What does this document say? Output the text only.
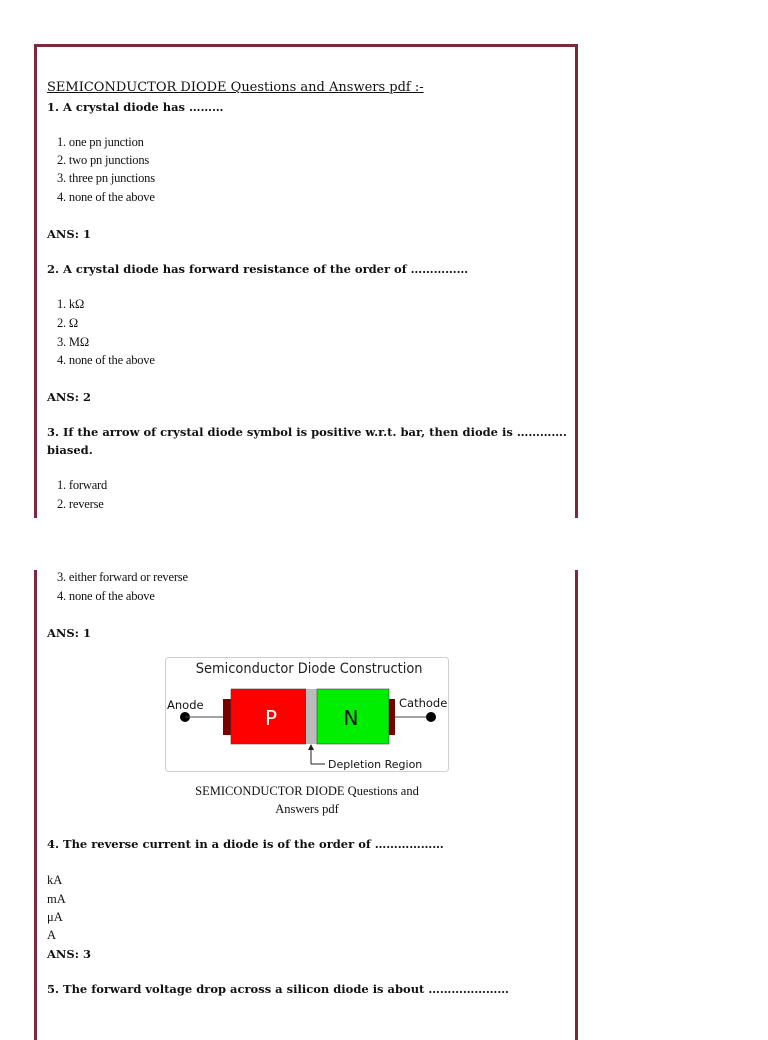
SEMICONDUCTOR DIODE Questions and Answers pdf :-
1. A crystal diode has ………
1. one pn junction
2. two pn junctions
3. three pn junctions
4. none of the above
ANS: 1
2. A crystal diode has forward resistance of the order of ……………
1. kΩ
2. Ω
3. MΩ
4. none of the above
ANS: 2
3. If the arrow of crystal diode symbol is positive w.r.t. bar, then diode is ………….
biased.
1. forward
2. reverse
3. either forward or reverse
4. none of the above
ANS: 1
Semiconductor Diode Construction
P	N
Anode	Cathode
Depletion Region
SEMICONDUCTOR DIODE Questions and
Answers pdf
4. The reverse current in a diode is of the order of ………………
kA
mA
μA
A
ANS: 3
5. The forward voltage drop across a silicon diode is about …………………
